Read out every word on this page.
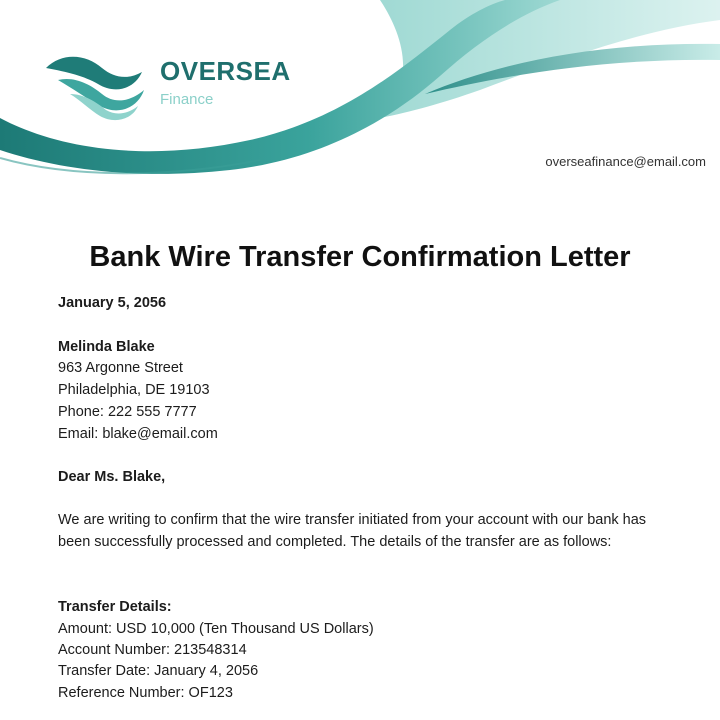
OVERSEA
Finance
overseafinance@email.com
Bank Wire Transfer Confirmation Letter
January 5, 2056
Melinda Blake
963 Argonne Street
Philadelphia, DE 19103
Phone: 222 555 7777
Email: blake@email.com
Dear Ms. Blake,
We are writing to confirm that the wire transfer initiated from your account with our bank has been successfully processed and completed. The details of the transfer are as follows:
Transfer Details:
Amount: USD 10,000 (Ten Thousand US Dollars)
Account Number: 213548314
Transfer Date: January 4, 2056
Reference Number: OF123
